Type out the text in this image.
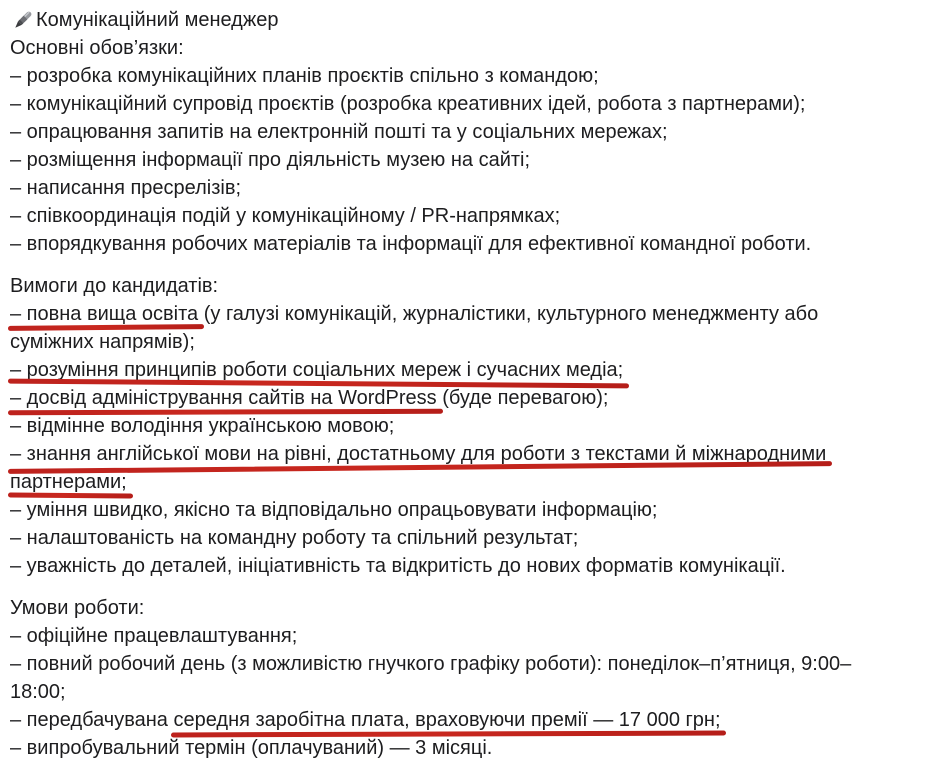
Комунікаційний менеджер
Основні обов’язки:
– розробка комунікаційних планів проєктів спільно з командою;
– комунікаційний супровід проєктів (розробка креативних ідей, робота з партнерами);
– опрацювання запитів на електронній пошті та у соціальних мережах;
– розміщення інформації про діяльність музею на сайті;
– написання пресрелізів;
– співкоординація подій у комунікаційному / PR-напрямках;
– впорядкування робочих матеріалів та інформації для ефективної командної роботи.
Вимоги до кандидатів:
– повна вища освіта (у галузі комунікацій, журналістики, культурного менеджменту або
суміжних напрямів);
– розуміння принципів роботи соціальних мереж і сучасних медіа;
– досвід адміністрування сайтів на WordPress (буде перевагою);
– відмінне володіння українською мовою;
– знання англійської мови на рівні, достатньому для роботи з текстами й міжнародними
партнерами;
– уміння швидко, якісно та відповідально опрацьовувати інформацію;
– налаштованість на командну роботу та спільний результат;
– уважність до деталей, ініціативність та відкритість до нових форматів комунікації.
Умови роботи:
– офіційне працевлаштування;
– повний робочий день (з можливістю гнучкого графіку роботи): понеділок–п’ятниця, 9:00–
18:00;
– передбачувана середня заробітна плата, враховуючи премії — 17 000 грн;
– випробувальний термін (оплачуваний) — 3 місяці.
